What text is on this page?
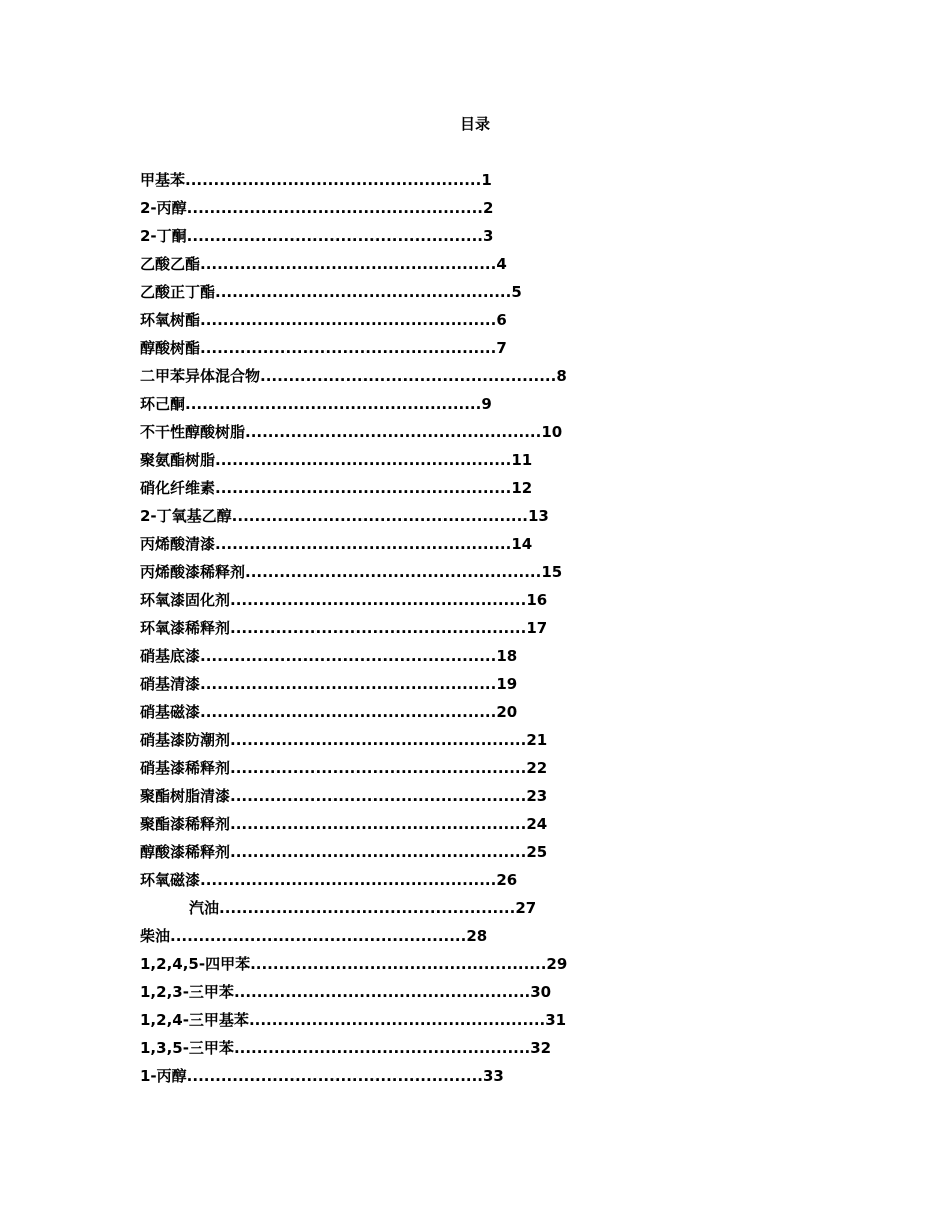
目录
甲基苯....................................................1
2-丙醇....................................................2
2-丁酮....................................................3
乙酸乙酯....................................................4
乙酸正丁酯....................................................5
环氧树酯....................................................6
醇酸树酯....................................................7
二甲苯异体混合物....................................................8
环己酮....................................................9
不干性醇酸树脂....................................................10
聚氨酯树脂....................................................11
硝化纤维素....................................................12
2-丁氧基乙醇....................................................13
丙烯酸清漆....................................................14
丙烯酸漆稀释剂....................................................15
环氧漆固化剂....................................................16
环氧漆稀释剂....................................................17
硝基底漆....................................................18
硝基清漆....................................................19
硝基磁漆....................................................20
硝基漆防潮剂....................................................21
硝基漆稀释剂....................................................22
聚酯树脂清漆....................................................23
聚酯漆稀释剂....................................................24
醇酸漆稀释剂....................................................25
环氧磁漆....................................................26
汽油....................................................27
柴油....................................................28
1,2,4,5-四甲苯....................................................29
1,2,3-三甲苯....................................................30
1,2,4-三甲基苯....................................................31
1,3,5-三甲苯....................................................32
1-丙醇....................................................33
